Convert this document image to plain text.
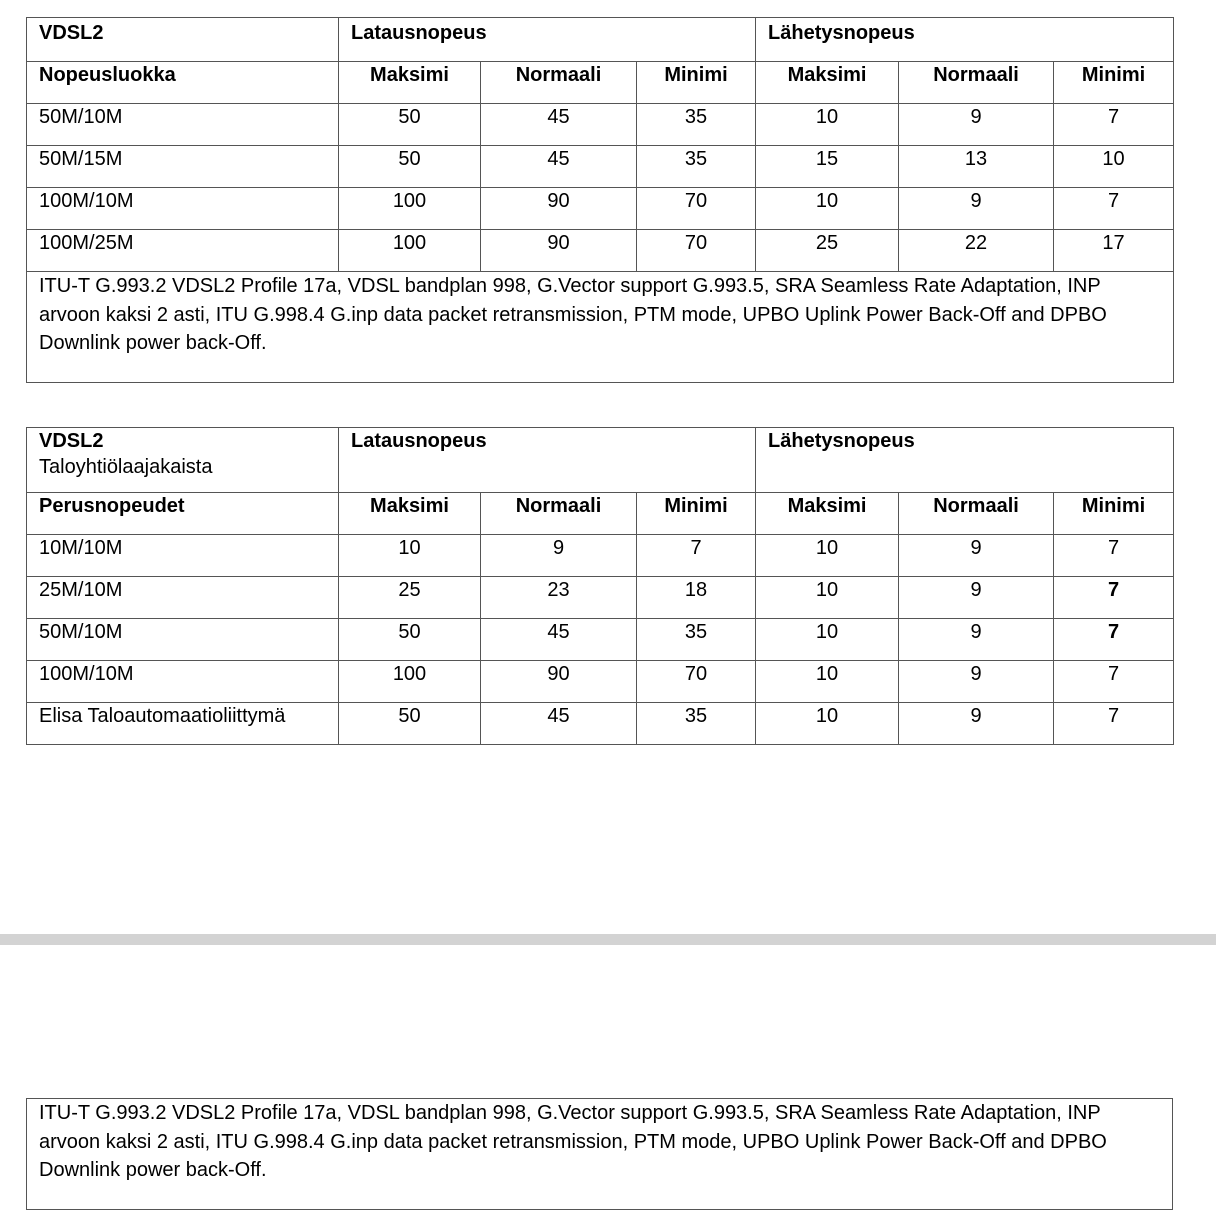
VDSL2	Latausnopeus			Lähetysnopeus		
Nopeusluokka	Maksimi	Normaali	Minimi	Maksimi	Normaali	Minimi
50M/10M	50	45	35	10	9	7
50M/15M	50	45	35	15	13	10
100M/10M	100	90	70	10	9	7
100M/25M	100	90	70	25	22	17
ITU-T G.993.2 VDSL2 Profile 17a, VDSL bandplan 998, G.Vector support G.993.5, SRA Seamless Rate Adaptation, INP arvoon kaksi 2 asti, ITU G.998.4 G.inp data packet retransmission, PTM mode, UPBO Uplink Power Back-Off and DPBO Downlink power back-Off.						
VDSL2
Taloyhtiölaajakaista	Latausnopeus			Lähetysnopeus		
Perusnopeudet	Maksimi	Normaali	Minimi	Maksimi	Normaali	Minimi
10M/10M	10	9	7	10	9	7
25M/10M	25	23	18	10	9	7
50M/10M	50	45	35	10	9	7
100M/10M	100	90	70	10	9	7
Elisa Taloautomaatioliittymä	50	45	35	10	9	7
ITU-T G.993.2 VDSL2 Profile 17a, VDSL bandplan 998, G.Vector support G.993.5, SRA Seamless Rate Adaptation, INP arvoon kaksi 2 asti, ITU G.998.4 G.inp data packet retransmission, PTM mode, UPBO Uplink Power Back-Off and DPBO Downlink power back-Off.
